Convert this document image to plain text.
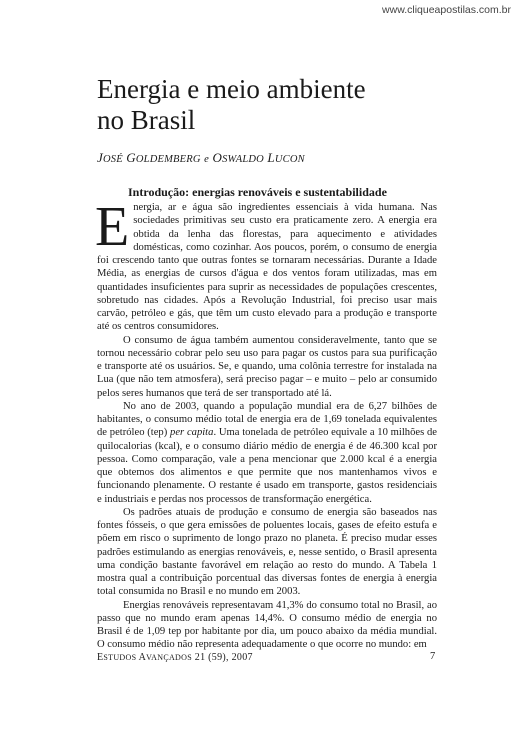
www.cliqueapostilas.com.br
Energia e meio ambiente
no Brasil
JOSÉ GOLDEMBERG e OSWALDO LUCON
Introdução: energias renováveis e sustentabilidade

Energia, ar e água são ingredientes essenciais à vida humana. Nas sociedades primitivas seu custo era praticamente zero. A energia era obtida da lenha das florestas, para aquecimento e atividades domésticas, como cozinhar. Aos poucos, porém, o consumo de energia foi crescendo tanto que outras fontes se tornaram necessárias. Durante a Idade Média, as energias de cursos d'água e dos ventos foram utilizadas, mas em quantidades insuficientes para suprir as necessidades de populações crescentes, sobretudo nas cidades. Após a Revolução Industrial, foi preciso usar mais carvão, petróleo e gás, que têm um custo elevado para a produção e transporte até os centros consumidores.

O consumo de água também aumentou consideravelmente, tanto que se tornou necessário cobrar pelo seu uso para pagar os custos para sua purificação e transporte até os usuários. Se, e quando, uma colônia terrestre for instalada na Lua (que não tem atmosfera), será preciso pagar – e muito – pelo ar consumido pelos seres humanos que terá de ser transportado até lá.

No ano de 2003, quando a população mundial era de 6,27 bilhões de habitantes, o consumo médio total de energia era de 1,69 tonelada equivalentes de petróleo (tep) per capita. Uma tonelada de petróleo equivale a 10 milhões de quilocalorias (kcal), e o consumo diário médio de energia é de 46.300 kcal por pessoa. Como comparação, vale a pena mencionar que 2.000 kcal é a energia que obtemos dos alimentos e que permite que nos mantenhamos vivos e funcionando plenamente. O restante é usado em transporte, gastos residenciais e industriais e perdas nos processos de transformação energética.

Os padrões atuais de produção e consumo de energia são baseados nas fontes fósseis, o que gera emissões de poluentes locais, gases de efeito estufa e põem em risco o suprimento de longo prazo no planeta. É preciso mudar esses padrões estimulando as energias renováveis, e, nesse sentido, o Brasil apresenta uma condição bastante favorável em relação ao resto do mundo. A Tabela 1 mostra qual a contribuição porcentual das diversas fontes de energia à energia total consumida no Brasil e no mundo em 2003.

Energias renováveis representavam 41,3% do consumo total no Brasil, ao passo que no mundo eram apenas 14,4%. O consumo médio de energia no Brasil é de 1,09 tep por habitante por dia, um pouco abaixo da média mundial. O consumo médio não representa adequadamente o que ocorre no mundo: em

ESTUDOS AVANÇADOS 21 (59), 2007	7
